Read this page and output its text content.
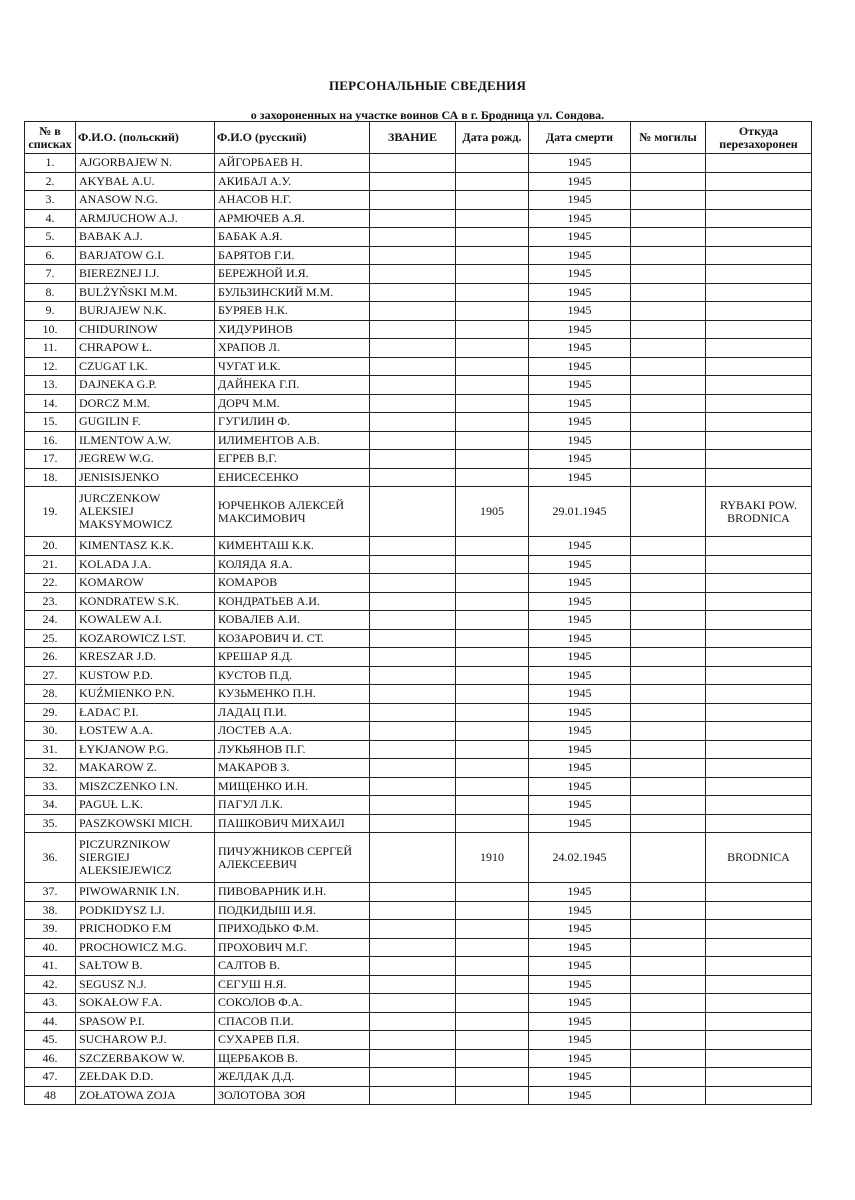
ПЕРСОНАЛЬНЫЕ СВЕДЕНИЯ
о захороненных на участке воинов СА в г. Бродница ул. Сондова.
№ в списках	Ф.И.О. (польский)	Ф.И.О (русский)	ЗВАНИЕ	Дата рожд.	Дата смерти	№ могилы	Откуда перезахоронен
1.	AJGORBAJEW N.	АЙГОРБАЕВ Н.			1945		
2.	AKYBAŁ A.U.	АКИБАЛ А.У.			1945		
3.	ANASOW N.G.	АНАСОВ Н.Г.			1945		
4.	ARMJUCHOW A.J.	АРМЮЧЕВ А.Я.			1945		
5.	BABAK A.J.	БАБАК А.Я.			1945		
6.	BARJATOW G.I.	БАРЯТОВ Г.И.			1945		
7.	BIEREZNEJ I.J.	БЕРЕЖНОЙ И.Я.			1945		
8.	BULŻYŃSKI M.M.	БУЛЬЗИНСКИЙ М.М.			1945		
9.	BURJAJEW N.K.	БУРЯЕВ Н.К.			1945		
10.	CHIDURINOW	ХИДУРИНОВ			1945		
11.	CHRAPOW Ł.	ХРАПОВ Л.			1945		
12.	CZUGAT I.K.	ЧУГАТ И.К.			1945		
13.	DAJNEKA G.P.	ДАЙНЕКА Г.П.			1945		
14.	DORCZ M.M.	ДОРЧ М.М.			1945		
15.	GUGILIN F.	ГУГИЛИН Ф.			1945		
16.	ILMENTOW A.W.	ИЛИМЕНТОВ А.В.			1945		
17.	JEGREW W.G.	ЕГРЕВ В.Г.			1945		
18.	JENISISJENKO	ЕНИСЕСЕНКО			1945		
19.	JURCZENKOW ALEKSIEJ MAKSYMOWICZ	ЮРЧЕНКОВ АЛЕКСЕЙ МАКСИМОВИЧ		1905	29.01.1945		RYBAKI POW. BRODNICA
20.	KIMENTASZ K.K.	КИМЕНТАШ К.К.			1945		
21.	KOLADA J.A.	КОЛЯДА Я.А.			1945		
22.	KOMAROW	КОМАРОВ			1945		
23.	KONDRATEW S.K.	КОНДРАТЬЕВ А.И.			1945		
24.	KOWALEW A.I.	КОВАЛЕВ А.И.			1945		
25.	KOZAROWICZ I.ST.	КОЗАРОВИЧ И. СТ.			1945		
26.	KRESZAR J.D.	КРЕШАР Я.Д.			1945		
27.	KUSTOW P.D.	КУСТОВ П.Д.			1945		
28.	KUŹMIENKO P.N.	КУЗЬМЕНКО П.Н.			1945		
29.	ŁADAC P.I.	ЛАДАЦ П.И.			1945		
30.	ŁOSTEW A.A.	ЛОСТЕВ А.А.			1945		
31.	ŁYKJANOW P.G.	ЛУКЬЯНОВ П.Г.			1945		
32.	MAKAROW Z.	МАКАРОВ З.			1945		
33.	MISZCZENKO I.N.	МИЩЕНКО И.Н.			1945		
34.	PAGUŁ L.K.	ПАГУЛ Л.К.			1945		
35.	PASZKOWSKI MICH.	ПАШКОВИЧ МИХАИЛ			1945		
36.	PICZURZNIKOW SIERGIEJ ALEKSIEJEWICZ	ПИЧУЖНИКОВ СЕРГЕЙ АЛЕКСЕЕВИЧ		1910	24.02.1945		BRODNICA
37.	PIWOWARNIK I.N.	ПИВОВАРНИК И.Н.			1945		
38.	PODKIDYSZ I.J.	ПОДКИДЫШ И.Я.			1945		
39.	PRICHODKO F.M	ПРИХОДЬКО Ф.М.			1945		
40.	PROCHOWICZ M.G.	ПРОХОВИЧ М.Г.			1945		
41.	SAŁTOW B.	САЛТОВ В.			1945		
42.	SEGUSZ N.J.	СЕГУШ Н.Я.			1945		
43.	SOKAŁOW F.A.	СОКОЛОВ Ф.А.			1945		
44.	SPASOW P.I.	СПАСОВ П.И.			1945		
45.	SUCHAROW P.J.	СУХАРЕВ П.Я.			1945		
46.	SZCZERBAKOW W.	ЩЕРБАКОВ В.			1945		
47.	ZEŁDAK D.D.	ЖЕЛДАК Д.Д.			1945		
48	ZOŁATOWA ZOJA	ЗОЛОТОВА ЗОЯ			1945		
